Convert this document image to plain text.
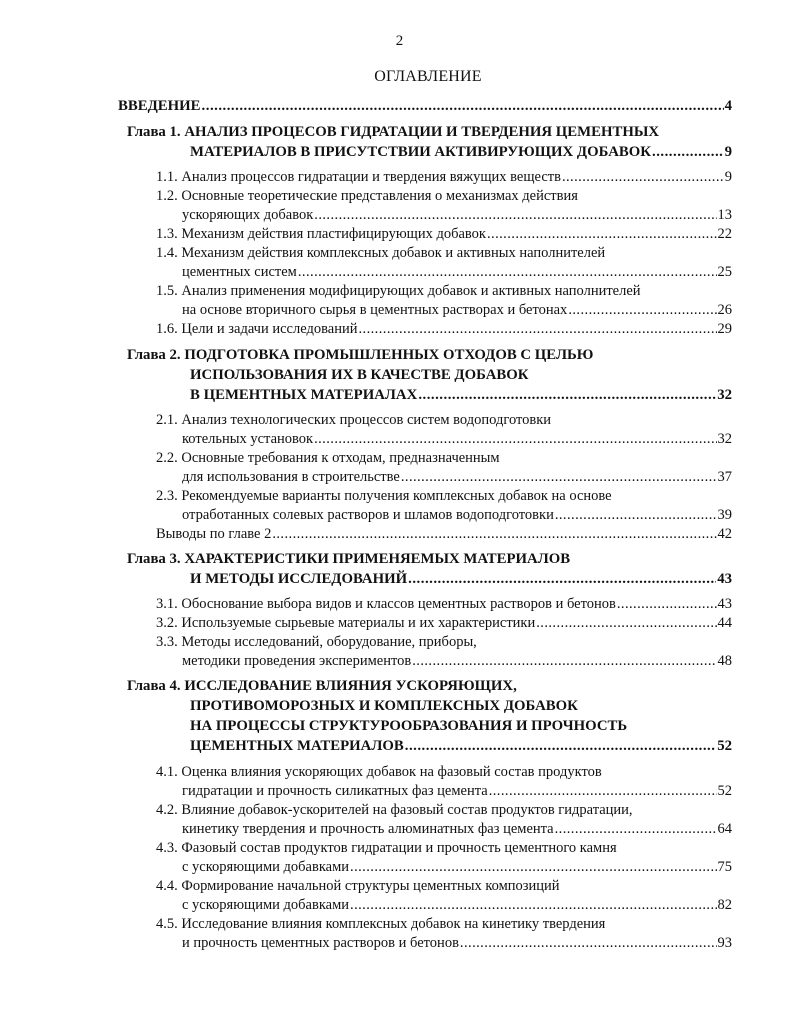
2
ОГЛАВЛЕНИЕ
ВВЕДЕНИЕ . . .	4
Глава 1. АНАЛИЗ ПРОЦЕСОВ ГИДРАТАЦИИ И ТВЕРДЕНИЯ ЦЕМЕНТНЫХ
МАТЕРИАЛОВ В ПРИСУТСТВИИ АКТИВИРУЮЩИХ ДОБАВОК . . .	9
1.1. Анализ процессов гидратации и твердения вяжущих веществ . . .	9
1.2. Основные теоретические представления о механизмах действия
ускоряющих добавок . . .	13
1.3. Механизм действия пластифицирующих добавок . . .	22
1.4. Механизм действия комплексных добавок и активных наполнителей
цементных систем . . .	25
1.5. Анализ применения модифицирующих добавок и активных наполнителей
на основе вторичного сырья в цементных растворах и бетонах . . .	26
1.6. Цели и задачи исследований . . .	29
Глава 2. ПОДГОТОВКА ПРОМЫШЛЕННЫХ ОТХОДОВ С ЦЕЛЬЮ
ИСПОЛЬЗОВАНИЯ ИХ В КАЧЕСТВЕ ДОБАВОК
В ЦЕМЕНТНЫХ МАТЕРИАЛАХ . . .	32
2.1. Анализ технологических процессов систем водоподготовки
котельных установок . . .	32
2.2. Основные требования к отходам, предназначенным
для использования в строительстве . . .	37
2.3. Рекомендуемые варианты получения комплексных добавок на основе
отработанных солевых растворов и шламов водоподготовки . . .	39
Выводы по главе 2 . . .	42
Глава 3. ХАРАКТЕРИСТИКИ ПРИМЕНЯЕМЫХ МАТЕРИАЛОВ
И МЕТОДЫ ИССЛЕДОВАНИЙ . . .	43
3.1. Обоснование выбора видов и классов цементных растворов и бетонов . . .	43
3.2. Используемые сырьевые материалы и их характеристики . . .	44
3.3. Методы исследований, оборудование, приборы,
методики проведения экспериментов . . .	48
Глава 4. ИССЛЕДОВАНИЕ ВЛИЯНИЯ УСКОРЯЮЩИХ,
ПРОТИВОМОРОЗНЫХ И КОМПЛЕКСНЫХ ДОБАВОК
НА ПРОЦЕССЫ СТРУКТУРООБРАЗОВАНИЯ И ПРОЧНОСТЬ
ЦЕМЕНТНЫХ МАТЕРИАЛОВ . . .	52
4.1. Оценка влияния ускоряющих добавок на фазовый состав продуктов
гидратации и прочность силикатных фаз цемента . . .	52
4.2. Влияние добавок-ускорителей на фазовый состав продуктов гидратации,
кинетику твердения и прочность алюминатных фаз цемента . . .	64
4.3. Фазовый состав продуктов гидратации и прочность цементного камня
с ускоряющими добавками . . .	75
4.4. Формирование начальной структуры цементных композиций
с ускоряющими добавками . . .	82
4.5. Исследование влияния комплексных добавок на кинетику твердения
и прочность цементных растворов и бетонов . . .	93
